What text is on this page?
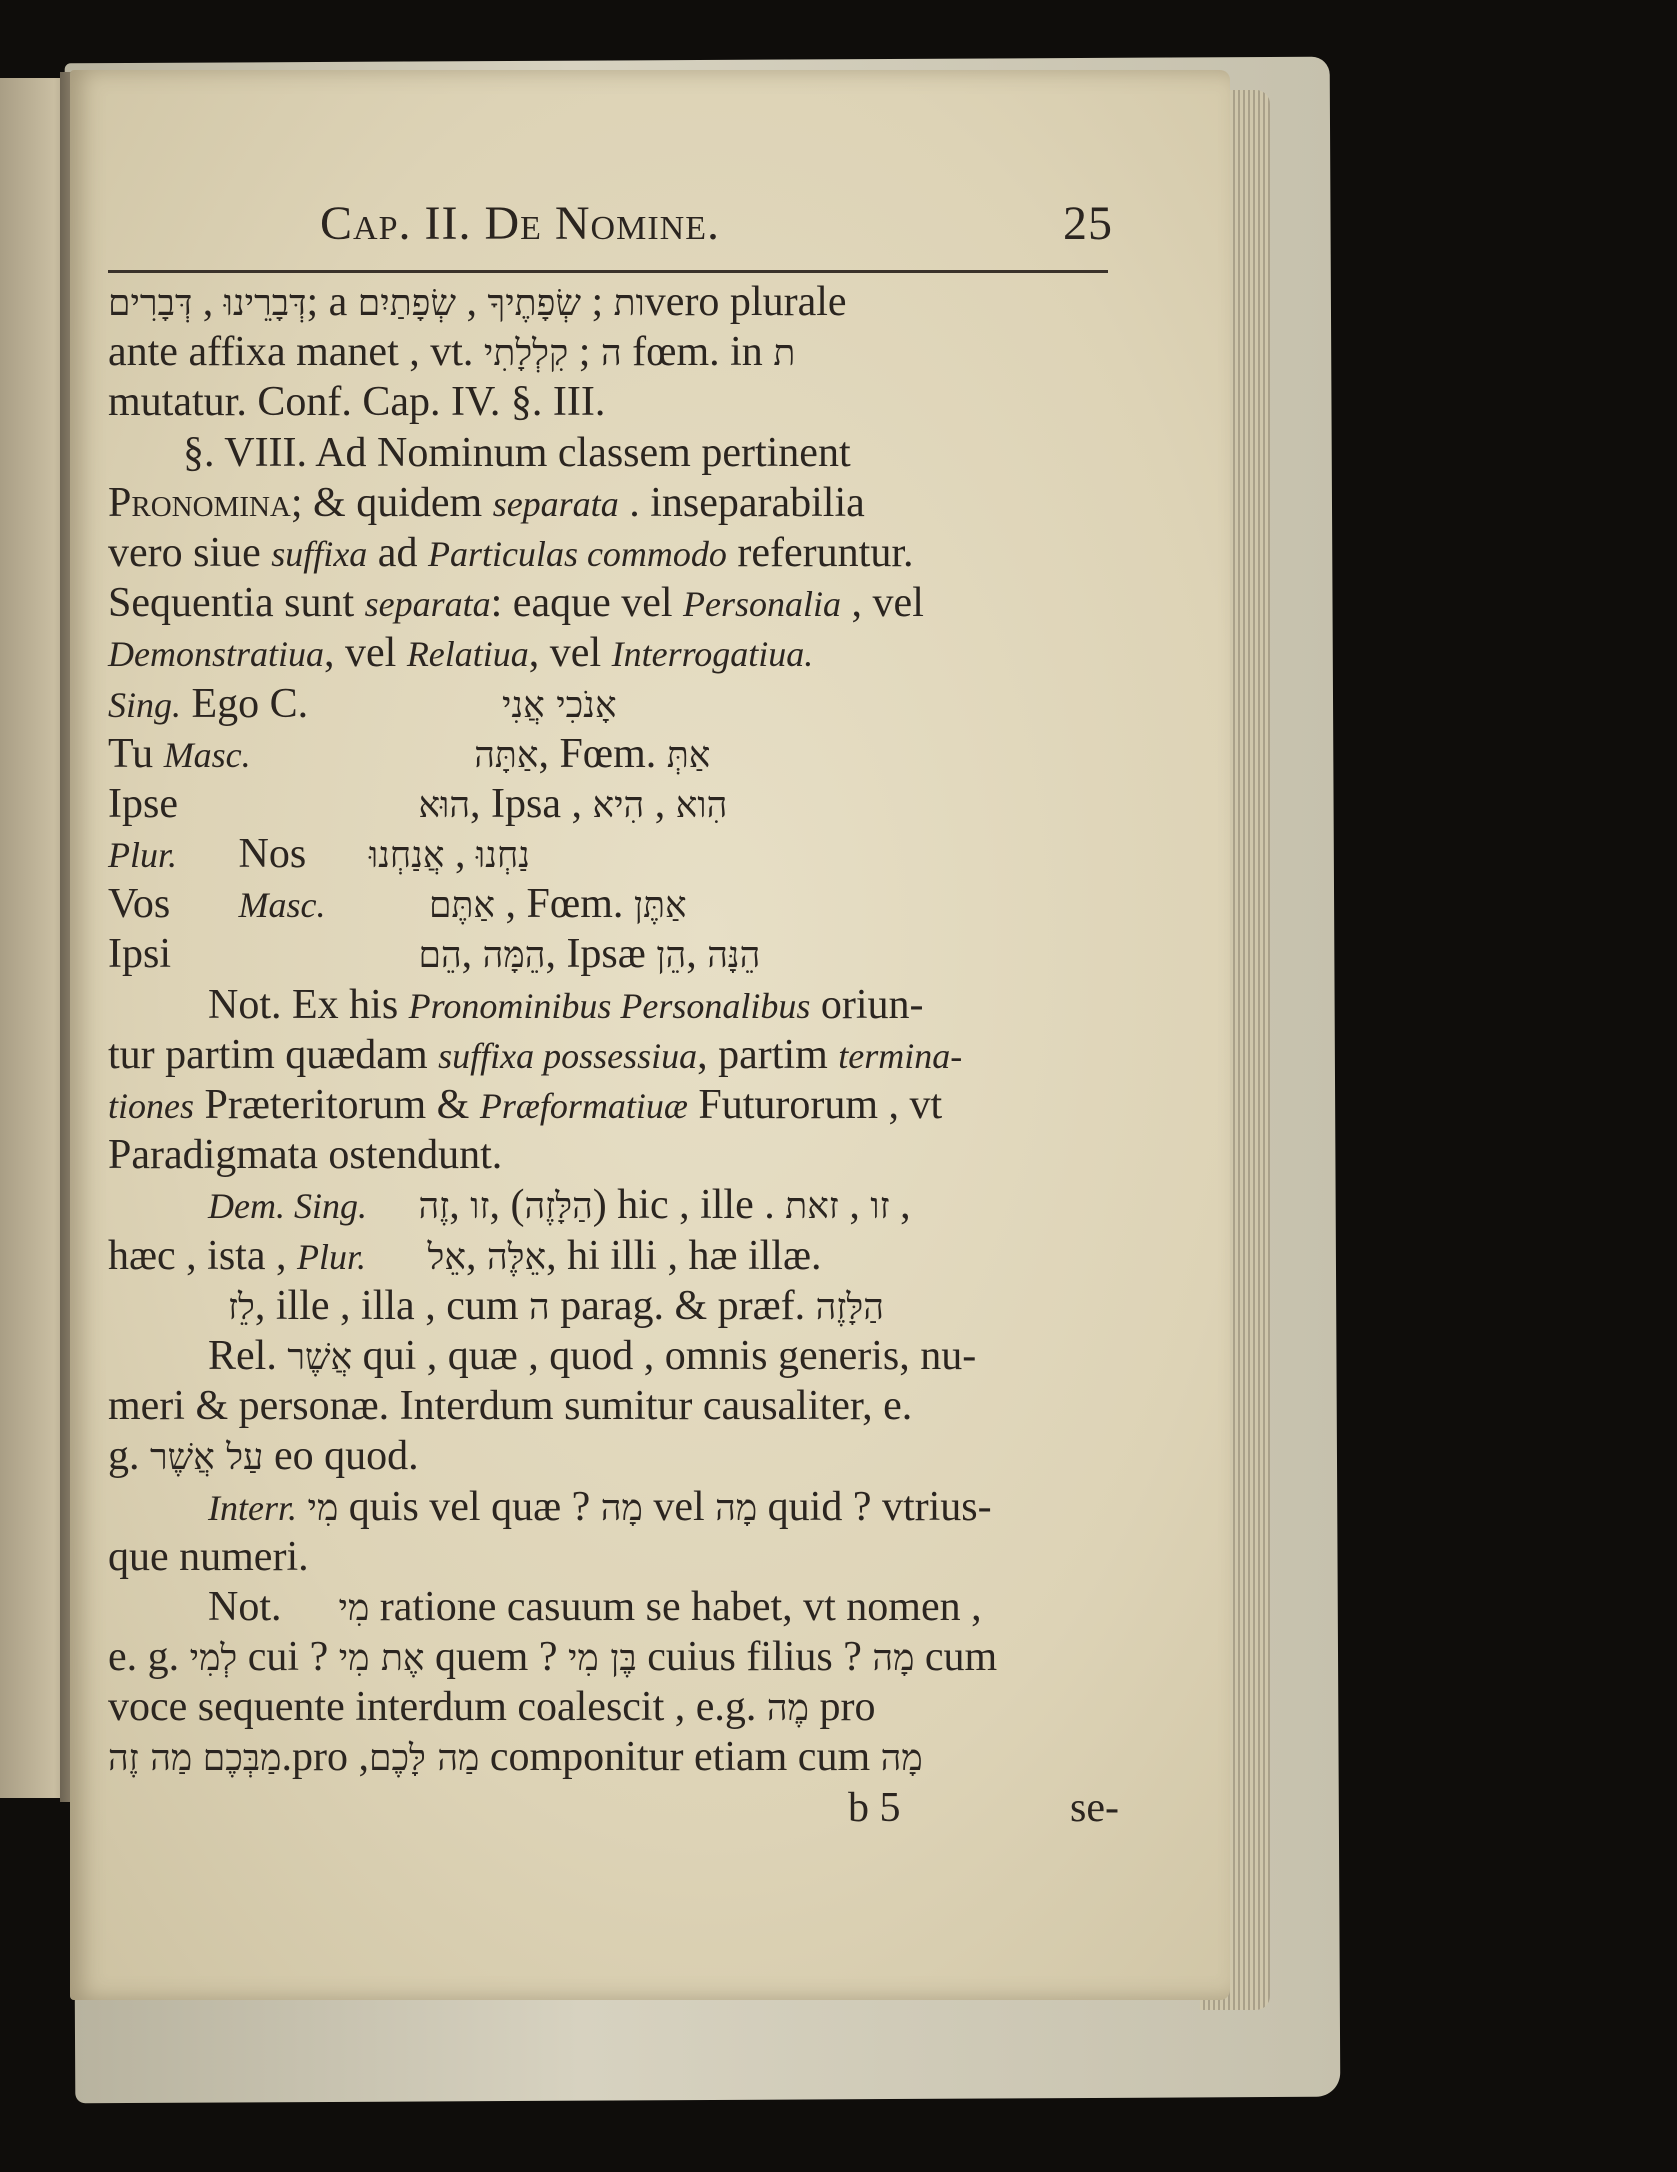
Cap. II. De Nomine.	25
דְּבָרִים , דְּבָרֵינוּ; a שְׂפָתַיִם , שְׂפָתֶיךָ ; ותvero plurale
ante affixa manet , vt. קִלְלָתִי ; ה fœm. in ת
mutatur. Conf. Cap. IV. §. III.
§. VIII. Ad Nominum classem pertinent
Pronomina; & quidem separata . inseparabilia
vero siue suffixa ad Particulas commodo referuntur.
Sequentia sunt separata: eaque vel Personalia , vel
Demonstratiua, vel Relatiua, vel Interrogatiua.
Sing. Ego C.	אָנֹכִי אֲנִי
Tu Masc.	אַתָּה, Fœm. אַתְּ
Ipse	הוּא, Ipsa , הִיא , הִוא
Plur. Nos אֲנַחְנוּ , נַחְנוּ
Vos Masc.	אַתֶּם , Fœm. אַתֶּן
Ipsi	הֵם, הֵמָּה, Ipsæ הֵן, הֵנָּה
Not. Ex his Pronominibus Personalibus oriun-
tur partim quædam suffixa possessiua, partim termina-
tiones Præteritorum & Præformatiuæ Futurorum , vt
Paradigmata ostendunt.
Dem. Sing. זֶה, זו, (הַלָּזֶה) hic , ille . זאת , זו ,
hæc , ista , Plur. אֵל, אֵלֶּה, hi illi , hæ illæ.
לֵז, ille , illa , cum ה parag. & præf. הַלָּזֶה
Rel. אֲשֶׁר qui , quæ , quod , omnis generis, nu-
meri & personæ. Interdum sumitur causaliter, e.
g. עַל אֲשֶׁר eo quod.
Interr. מִי quis vel quæ ? מָה vel מָה quid ? vtrius-
que numeri.
Not. מִי ratione casuum se habet, vt nomen ,
e. g. לְמִי cui ? אֶת מִי quem ? בֶּן מִי cuius filius ? מָה cum
voce sequente interdum coalescit , e.g. מֶה pro
מַה זֶה מַבְּכֶם.pro ,מַה לָּכֶם componitur etiam cum מָה
b 5	se-
